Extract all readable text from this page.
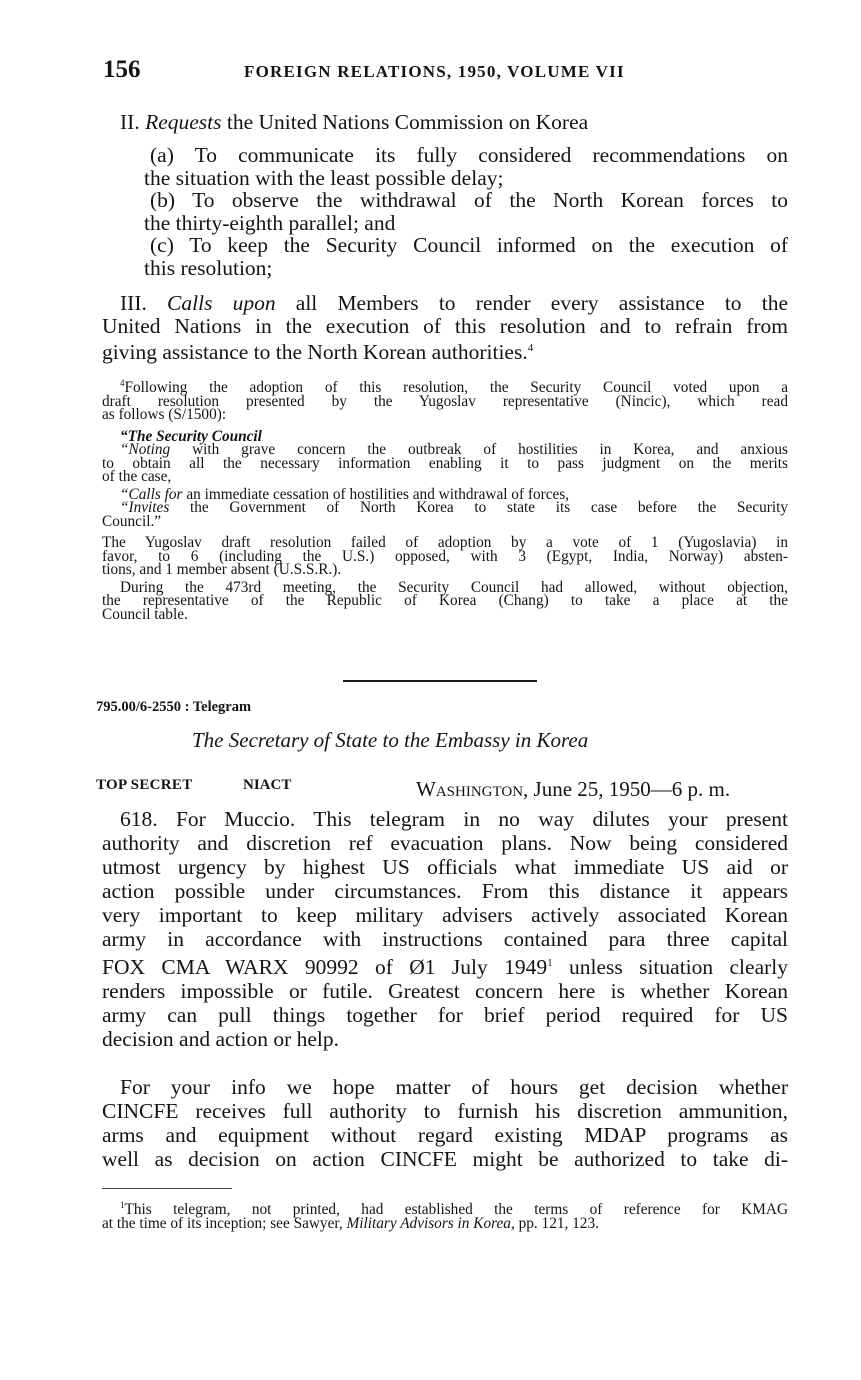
156	FOREIGN RELATIONS, 1950, VOLUME VII
II. Requests the United Nations Commission on Korea
(a) To communicate its fully considered recommendations on
the situation with the least possible delay;
(b) To observe the withdrawal of the North Korean forces to
the thirty-eighth parallel; and
(c) To keep the Security Council informed on the execution of
this resolution;
III. Calls upon all Members to render every assistance to the
United Nations in the execution of this resolution and to refrain from
giving assistance to the North Korean authorities.$^4$
$^4$Following the adoption of this resolution, the Security Council voted upon a
draft resolution presented by the Yugoslav representative (Nincic), which read
as follows (S/1500):
“The Security Council
“Noting with grave concern the outbreak of hostilities in Korea, and anxious
to obtain all the necessary information enabling it to pass judgment on the merits
of the case,
“Calls for an immediate cessation of hostilities and withdrawal of forces,
“Invites the Government of North Korea to state its case before the Security
Council.”
The Yugoslav draft resolution failed of adoption by a vote of 1 (Yugoslavia) in
favor, to 6 (including the U.S.) opposed, with 3 (Egypt, India, Norway) absten-
tions, and 1 member absent (U.S.S.R.).
During the 473rd meeting, the Security Council had allowed, without objection,
the representative of the Republic of Korea (Chang) to take a place at the
Council table.
795.00/6-2550 : Telegram
The Secretary of State to the Embassy in Korea
TOP SECRET	NIACT	Washington, June 25, 1950—6 p. m.
618. For Muccio. This telegram in no way dilutes your present
authority and discretion ref evacuation plans. Now being considered
utmost urgency by highest US officials what immediate US aid or
action possible under circumstances. From this distance it appears
very important to keep military advisers actively associated Korean
army in accordance with instructions contained para three capital
FOX CMA WARX 90992 of Ø1 July 1949$^1$ unless situation clearly
renders impossible or futile. Greatest concern here is whether Korean
army can pull things together for brief period required for US
decision and action or help.
For your info we hope matter of hours get decision whether
CINCFE receives full authority to furnish his discretion ammunition,
arms and equipment without regard existing MDAP programs as
well as decision on action CINCFE might be authorized to take di-
$^1$This telegram, not printed, had established the terms of reference for KMAG
at the time of its inception; see Sawyer, Military Advisors in Korea, pp. 121, 123.
